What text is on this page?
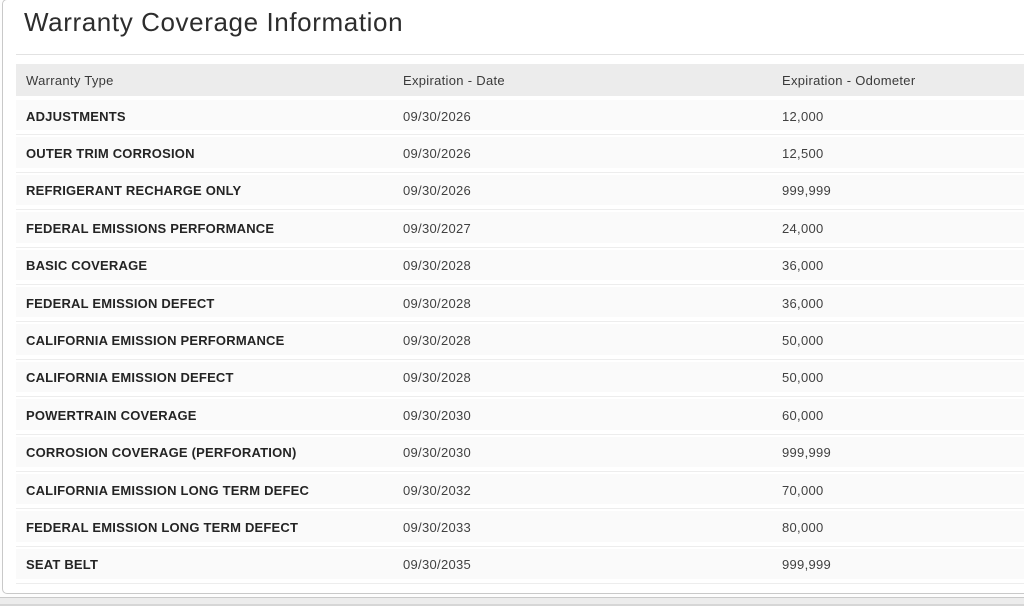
Warranty Coverage Information
Warranty Type	Expiration - Date	Expiration - Odometer
ADJUSTMENTS	09/30/2026	12,000
OUTER TRIM CORROSION	09/30/2026	12,500
REFRIGERANT RECHARGE ONLY	09/30/2026	999,999
FEDERAL EMISSIONS PERFORMANCE	09/30/2027	24,000
BASIC COVERAGE	09/30/2028	36,000
FEDERAL EMISSION DEFECT	09/30/2028	36,000
CALIFORNIA EMISSION PERFORMANCE	09/30/2028	50,000
CALIFORNIA EMISSION DEFECT	09/30/2028	50,000
POWERTRAIN COVERAGE	09/30/2030	60,000
CORROSION COVERAGE (PERFORATION)	09/30/2030	999,999
CALIFORNIA EMISSION LONG TERM DEFEC	09/30/2032	70,000
FEDERAL EMISSION LONG TERM DEFECT	09/30/2033	80,000
SEAT BELT	09/30/2035	999,999
